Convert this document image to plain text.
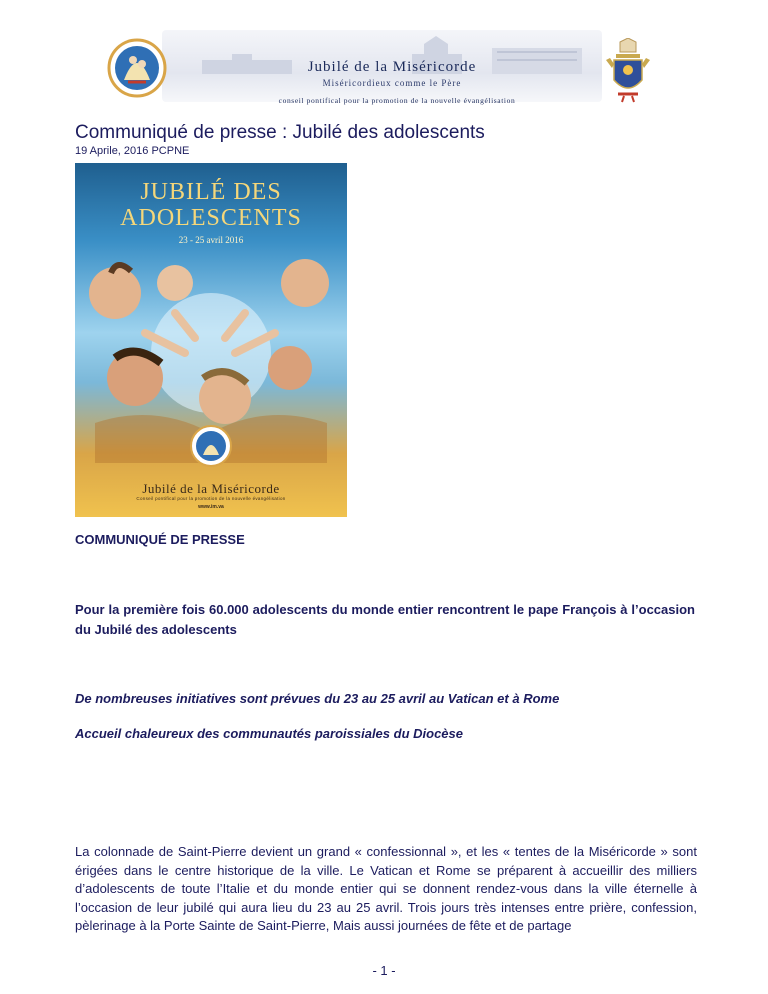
Jubilé de la Miséricorde
Miséricordieux comme le Père
conseil pontifical pour la promotion de la nouvelle évangélisation
Communiqué de presse : Jubilé des adolescents
19 Aprile, 2016 PCPNE
JUBILÉ DES
ADOLESCENTS
23 - 25 avril 2016
Jubilé de la Miséricorde
Conseil pontifical pour la promotion de la nouvelle évangélisation
www.im.va
COMMUNIQUÉ DE PRESSE
Pour la première fois 60.000 adolescents du monde entier rencontrent le pape François à l’occasion du Jubilé des adolescents
De nombreuses initiatives sont prévues du 23 au 25 avril au Vatican et à Rome
Accueil chaleureux des communautés paroissiales du Diocèse
La colonnade de Saint-Pierre devient un grand « confessionnal », et les « tentes de la Miséricorde » sont érigées dans le centre historique de la ville. Le Vatican et Rome se préparent à accueillir des milliers d’adolescents de toute l’Italie et du monde entier qui se donnent rendez-vous dans la ville éternelle à l’occasion de leur jubilé qui aura lieu du 23 au 25 avril. Trois jours très intenses entre prière, confession, pèlerinage à la Porte Sainte de Saint-Pierre, Mais aussi journées de fête et de partage
- 1 -
